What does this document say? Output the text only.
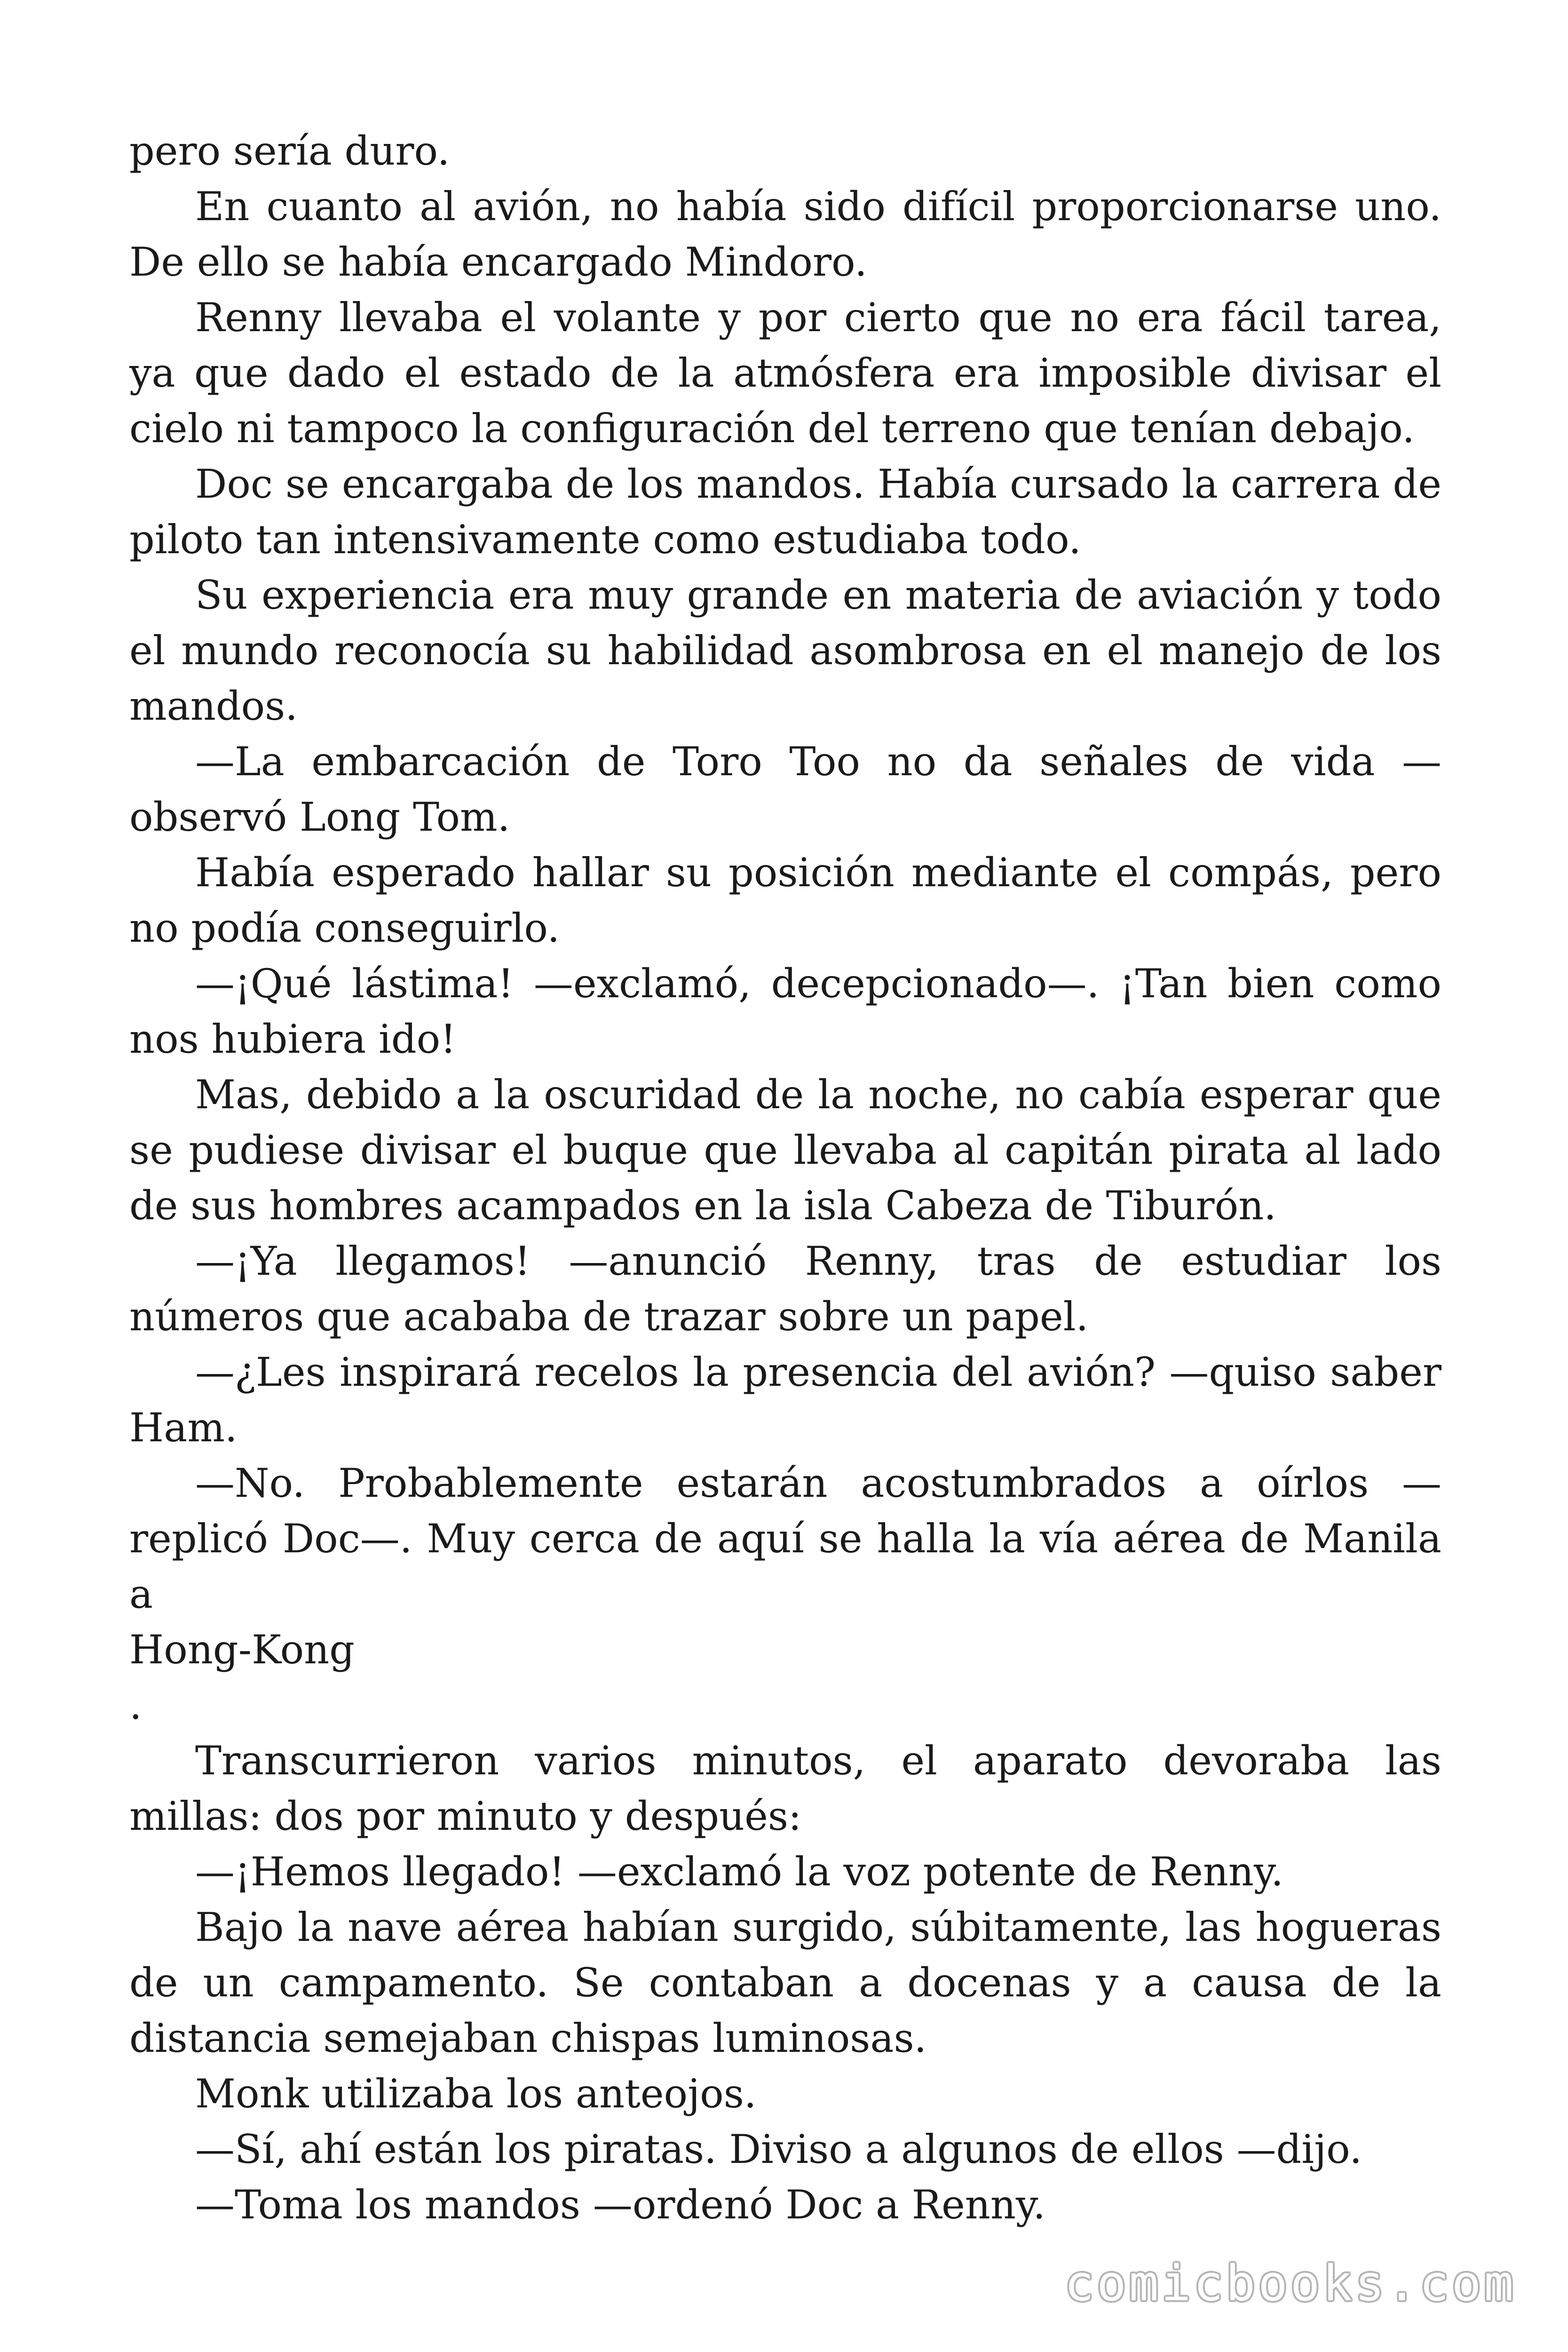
pero sería duro.

En cuanto al avión, no había sido difícil proporcionarse uno. De ello se había encargado Mindoro.

Renny llevaba el volante y por cierto que no era fácil tarea, ya que dado el estado de la atmósfera era imposible divisar el cielo ni tampoco la configuración del terreno que tenían debajo.

Doc se encargaba de los mandos. Había cursado la carrera de piloto tan intensivamente como estudiaba todo.

Su experiencia era muy grande en materia de aviación y todo el mundo reconocía su habilidad asombrosa en el manejo de los mandos.

—La embarcación de Toro Too no da señales de vida —observó Long Tom.

Había esperado hallar su posición mediante el compás, pero no podía conseguirlo.

—¡Qué lástima! —exclamó, decepcionado—. ¡Tan bien como nos hubiera ido!

Mas, debido a la oscuridad de la noche, no cabía esperar que se pudiese divisar el buque que llevaba al capitán pirata al lado de sus hombres acampados en la isla Cabeza de Tiburón.

—¡Ya llegamos! —anunció Renny, tras de estudiar los números que acababa de trazar sobre un papel.

—¿Les inspirará recelos la presencia del avión? —quiso saber Ham.

—No. Probablemente estarán acostumbrados a oírlos —replicó Doc—. Muy cerca de aquí se halla la vía aérea de Manila a

Hong-Kong

.

Transcurrieron varios minutos, el aparato devoraba las millas: dos por minuto y después:

—¡Hemos llegado! —exclamó la voz potente de Renny.

Bajo la nave aérea habían surgido, súbitamente, las hogueras de un campamento. Se contaban a docenas y a causa de la distancia semejaban chispas luminosas.

Monk utilizaba los anteojos.

—Sí, ahí están los piratas. Diviso a algunos de ellos —dijo.

—Toma los mandos —ordenó Doc a Renny.

comicbooks.com
